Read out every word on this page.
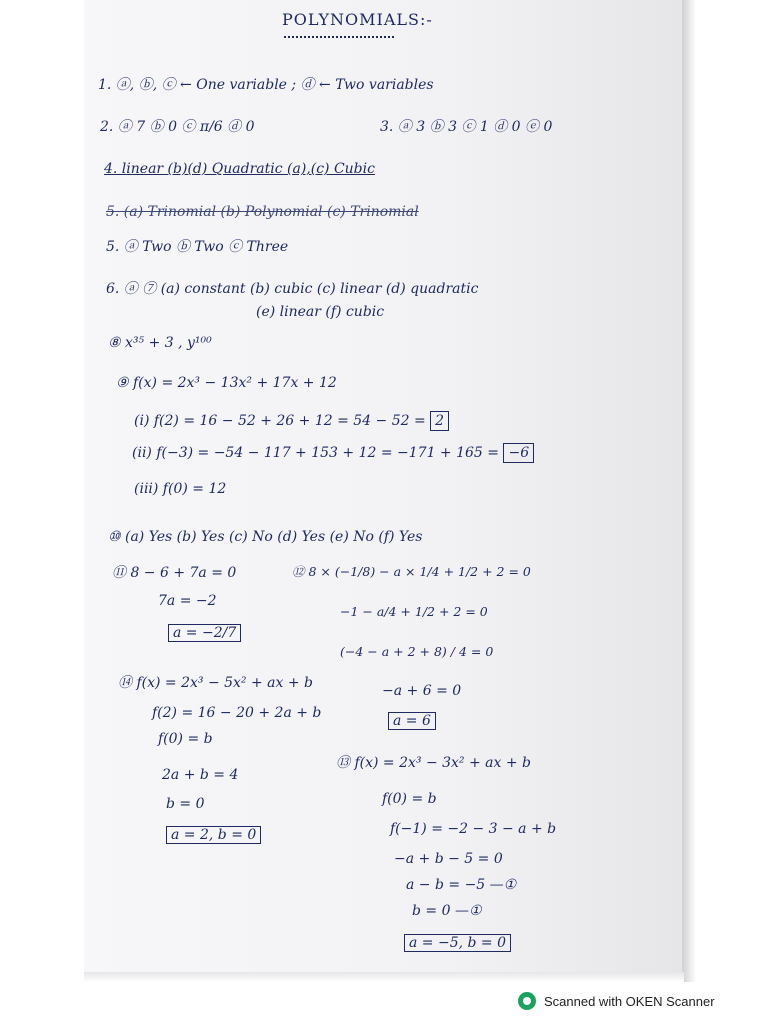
POLYNOMIALS:-
1. ⓐ, ⓑ, ⓒ ← One variable ; ⓓ ← Two variables
2. ⓐ 7 ⓑ 0 ⓒ π/6 ⓓ 0	3. ⓐ 3 ⓑ 3 ⓒ 1 ⓓ 0 ⓔ 0
4. linear (b)(d) Quadratic (a),(c) Cubic
5. (a) Trinomial (b) Polynomial (c) Trinomial
5. ⓐ Two ⓑ Two ⓒ Three
6. ⓐ ⑦ (a) constant (b) cubic (c) linear (d) quadratic
(e) linear (f) cubic
⑧ x³⁵ + 3 , y¹⁰⁰
⑨ f(x) = 2x³ − 13x² + 17x + 12
(i) f(2) = 16 − 52 + 26 + 12 = 54 − 52 = 2
(ii) f(−3) = −54 − 117 + 153 + 12 = −171 + 165 = −6
(iii) f(0) = 12
⑩ (a) Yes (b) Yes (c) No (d) Yes (e) No (f) Yes
⑪ 8 − 6 + 7a = 0
7a = −2
a = −2/7
⑫ 8 × (−1/8) − a × 1/4 + 1/2 + 2 = 0
−1 − a/4 + 1/2 + 2 = 0
(−4 − a + 2 + 8) / 4 = 0
−a + 6 = 0
a = 6
⑭ f(x) = 2x³ − 5x² + ax + b
f(2) = 16 − 20 + 2a + b
f(0) = b
2a + b = 4
b = 0
a = 2, b = 0
⑬ f(x) = 2x³ − 3x² + ax + b
f(0) = b
f(−1) = −2 − 3 − a + b
−a + b − 5 = 0
a − b = −5 —①
b = 0 —①
a = −5, b = 0
Scanned with OKEN Scanner
